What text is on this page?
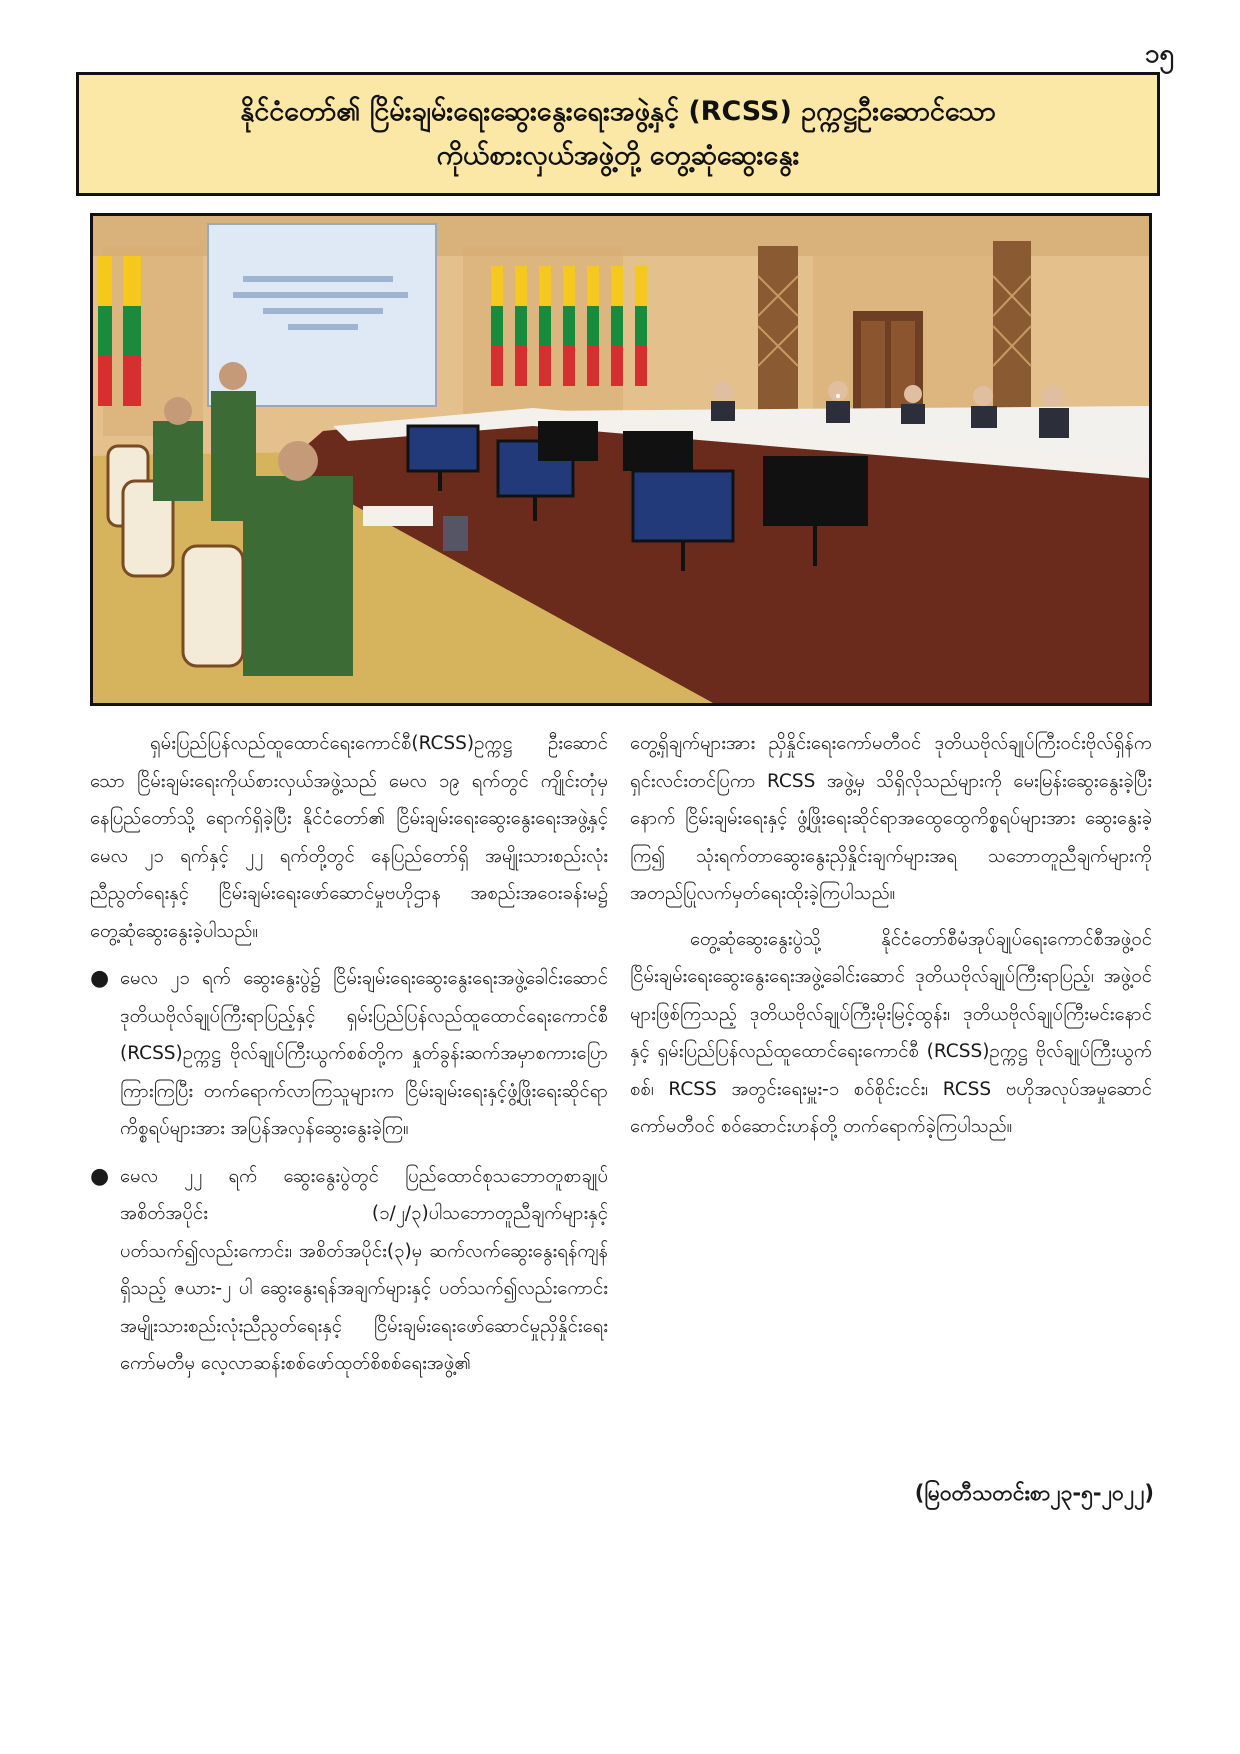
၁၅
နိုင်ငံတော်၏ ငြိမ်းချမ်းရေးဆွေးနွေးရေးအဖွဲ့နှင့် (RCSS) ဥက္ကဋ္ဌဦးဆောင်သော
ကိုယ်စားလှယ်အဖွဲ့တို့ တွေ့ဆုံဆွေးနွေး

ရှမ်းပြည်ပြန်လည်ထူထောင်ရေးကောင်စီ(RCSS)ဥက္ကဋ္ဌ ဦးဆောင်သော ငြိမ်းချမ်းရေးကိုယ်စားလှယ်အဖွဲ့သည် မေလ ၁၉ ရက်တွင် ကျိုင်းတုံမှ နေပြည်တော်သို့ ရောက်ရှိခဲ့ပြီး နိုင်ငံတော်၏ ငြိမ်းချမ်းရေးဆွေးနွေးရေးအဖွဲ့နှင့် မေလ ၂၁ ရက်နှင့် ၂၂ ရက်တို့တွင် နေပြည်တော်ရှိ အမျိုးသားစည်းလုံးညီညွတ်ရေးနှင့် ငြိမ်းချမ်းရေးဖော်ဆောင်မှုဗဟိုဌာန အစည်းအဝေးခန်းမ၌ တွေ့ဆုံဆွေးနွေးခဲ့ပါသည်။

● မေလ ၂၁ ရက် ဆွေးနွေးပွဲ၌ ငြိမ်းချမ်းရေးဆွေးနွေးရေးအဖွဲ့ခေါင်းဆောင် ဒုတိယဗိုလ်ချုပ်ကြီးရာပြည့်နှင့် ရှမ်းပြည်ပြန်လည်ထူထောင်ရေးကောင်စီ (RCSS)ဥက္ကဋ္ဌ ဗိုလ်ချုပ်ကြီးယွက်စစ်တို့က နှုတ်ခွန်းဆက်အမှာစကားပြောကြားကြပြီး တက်ရောက်လာကြသူများက ငြိမ်းချမ်းရေးနှင့်ဖွံ့ဖြိုးရေးဆိုင်ရာကိစ္စရပ်များအား အပြန်အလှန်ဆွေးနွေးခဲ့ကြ။
● မေလ ၂၂ ရက် ဆွေးနွေးပွဲတွင် ပြည်ထောင်စုသဘောတူစာချုပ်အစိတ်အပိုင်း (၁/၂/၃)ပါသဘောတူညီချက်များနှင့် ပတ်သက်၍လည်းကောင်း၊ အစိတ်အပိုင်း(၃)မှ ဆက်လက်ဆွေးနွေးရန်ကျန်ရှိသည့် ဇယား-၂ ပါ ဆွေးနွေးရန်အချက်များနှင့် ပတ်သက်၍လည်းကောင်း အမျိုးသားစည်းလုံးညီညွတ်ရေးနှင့် ငြိမ်းချမ်းရေးဖော်ဆောင်မှုညှိနှိုင်းရေးကော်မတီမှ လေ့လာဆန်းစစ်ဖော်ထုတ်စိစစ်ရေးအဖွဲ့၏

တွေ့ရှိချက်များအား ညှိနှိုင်းရေးကော်မတီဝင် ဒုတိယဗိုလ်ချုပ်ကြီးဝင်းဗိုလ်ရှိန်က ရှင်းလင်းတင်ပြကာ RCSS အဖွဲ့မှ သိရှိလိုသည်များကို မေးမြန်းဆွေးနွေးခဲ့ပြီးနောက် ငြိမ်းချမ်းရေးနှင့် ဖွံ့ဖြိုးရေးဆိုင်ရာအထွေထွေကိစ္စရပ်များအား ဆွေးနွေးခဲ့ကြ၍ သုံးရက်တာဆွေးနွေးညှိနှိုင်းချက်များအရ သဘောတူညီချက်များကို အတည်ပြုလက်မှတ်ရေးထိုးခဲ့ကြပါသည်။

တွေ့ဆုံဆွေးနွေးပွဲသို့ နိုင်ငံတော်စီမံအုပ်ချုပ်ရေးကောင်စီအဖွဲ့ဝင် ငြိမ်းချမ်းရေးဆွေးနွေးရေးအဖွဲ့ခေါင်းဆောင် ဒုတိယဗိုလ်ချုပ်ကြီးရာပြည့်၊ အဖွဲ့ဝင်များဖြစ်ကြသည့် ဒုတိယဗိုလ်ချုပ်ကြီးမိုးမြင့်ထွန်း၊ ဒုတိယဗိုလ်ချုပ်ကြီးမင်းနောင်နှင့် ရှမ်းပြည်ပြန်လည်ထူထောင်ရေးကောင်စီ (RCSS)ဥက္ကဋ္ဌ ဗိုလ်ချုပ်ကြီးယွက်စစ်၊ RCSS အတွင်းရေးမှူး-၁ စဝ်စိုင်းငင်း၊ RCSS ဗဟိုအလုပ်အမှုဆောင်ကော်မတီဝင် စဝ်ဆောင်းဟန်တို့ တက်ရောက်ခဲ့ကြပါသည်။

(မြဝတီသတင်းစာ၂၃-၅-၂၀၂၂)
